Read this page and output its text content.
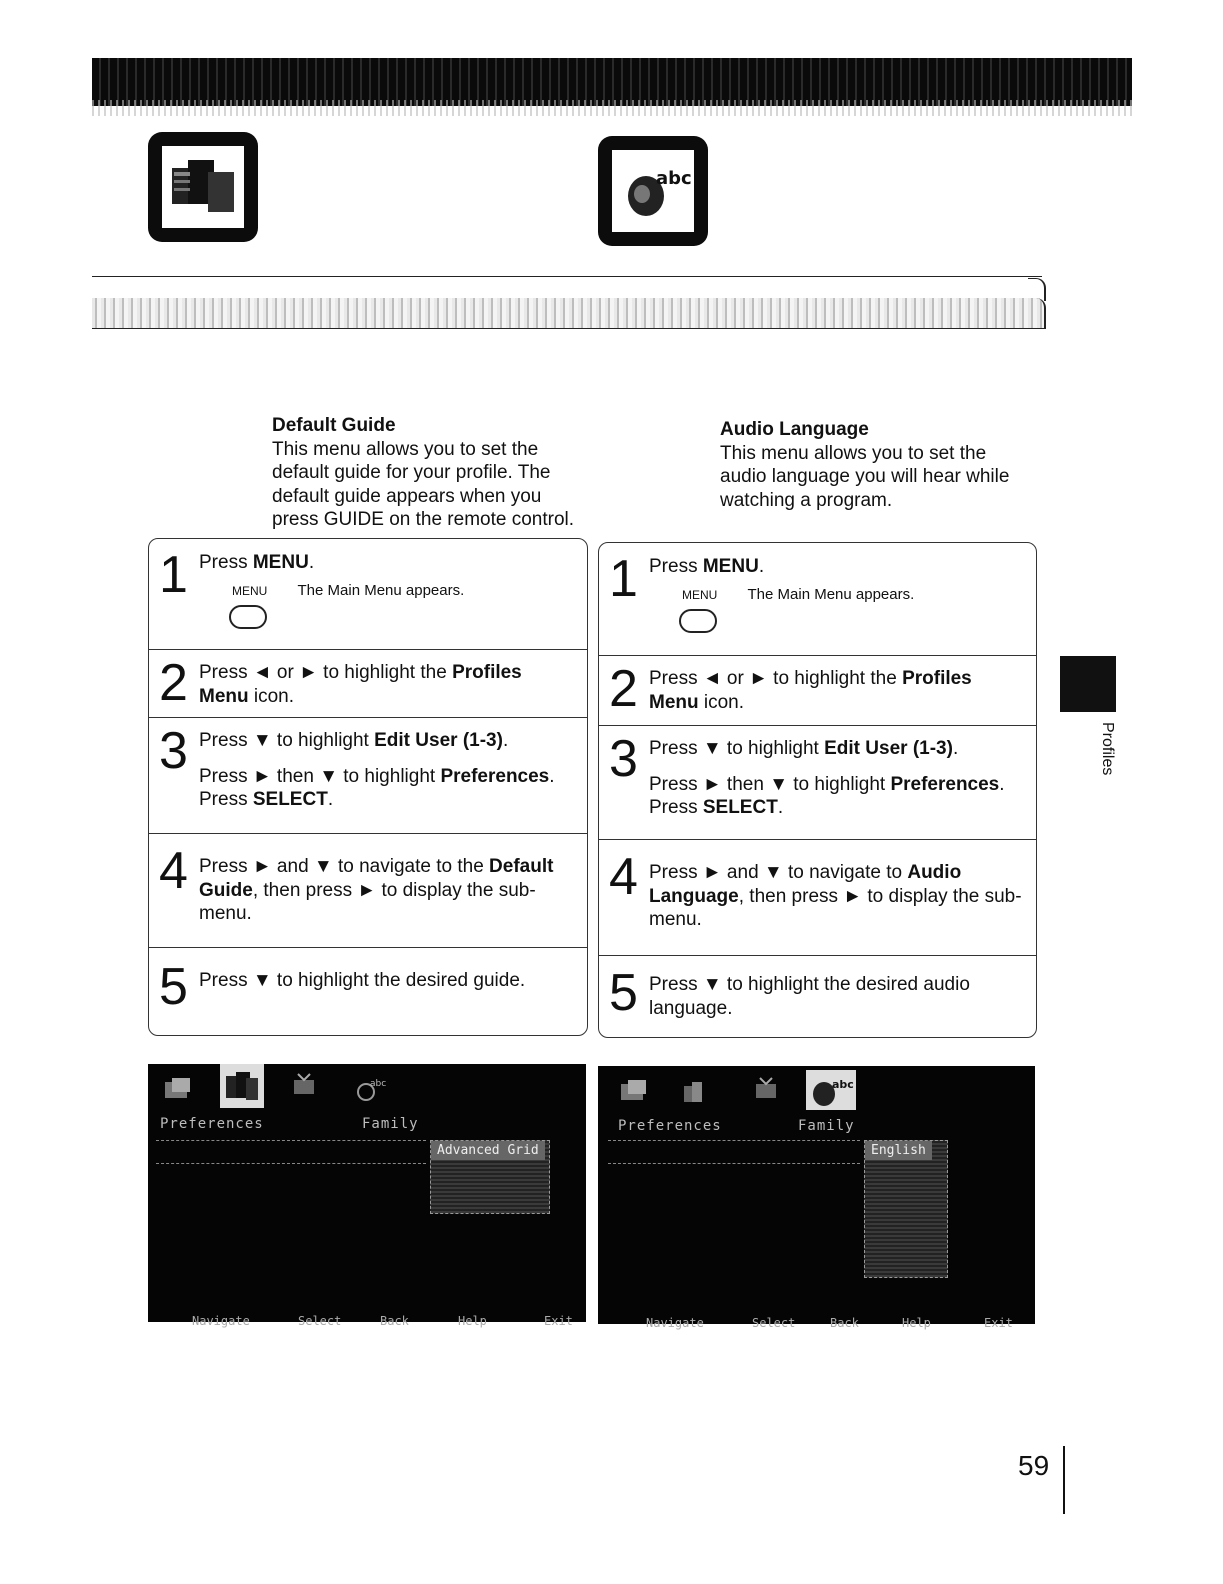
Default Guide
This menu allows you to set the
default guide for your profile. The
default guide appears when you
press GUIDE on the remote control.
1 Press MENU.

MENU The Main Menu appears.

2 Press ◄ or ► to highlight the Profiles

Menu icon.

3 Press ▼ to highlight Edit User (1-3).

Press ► then ▼ to highlight Preferences.

Press SELECT.

4 Press ► and ▼ to navigate to the Default

Guide, then press ► to display the sub-

menu.

5 Press ▼ to highlight the desired guide.

abc
Preferences	Family
Advanced Grid
Navigate	Select	Back	Help	Exit
abc
Audio Language
This menu allows you to set the
audio language you will hear while
watching a program.
1 Press MENU.

MENU The Main Menu appears.

2 Press ◄ or ► to highlight the Profiles

Menu icon.

3 Press ▼ to highlight Edit User (1-3).

Press ► then ▼ to highlight Preferences.

Press SELECT.

4 Press ► and ▼ to navigate to Audio

Language, then press ► to display the sub-

menu.

5 Press ▼ to highlight the desired audio

language.

abc
Preferences	Family
English
Navigate	Select	Back	Help	Exit
Profiles
59
